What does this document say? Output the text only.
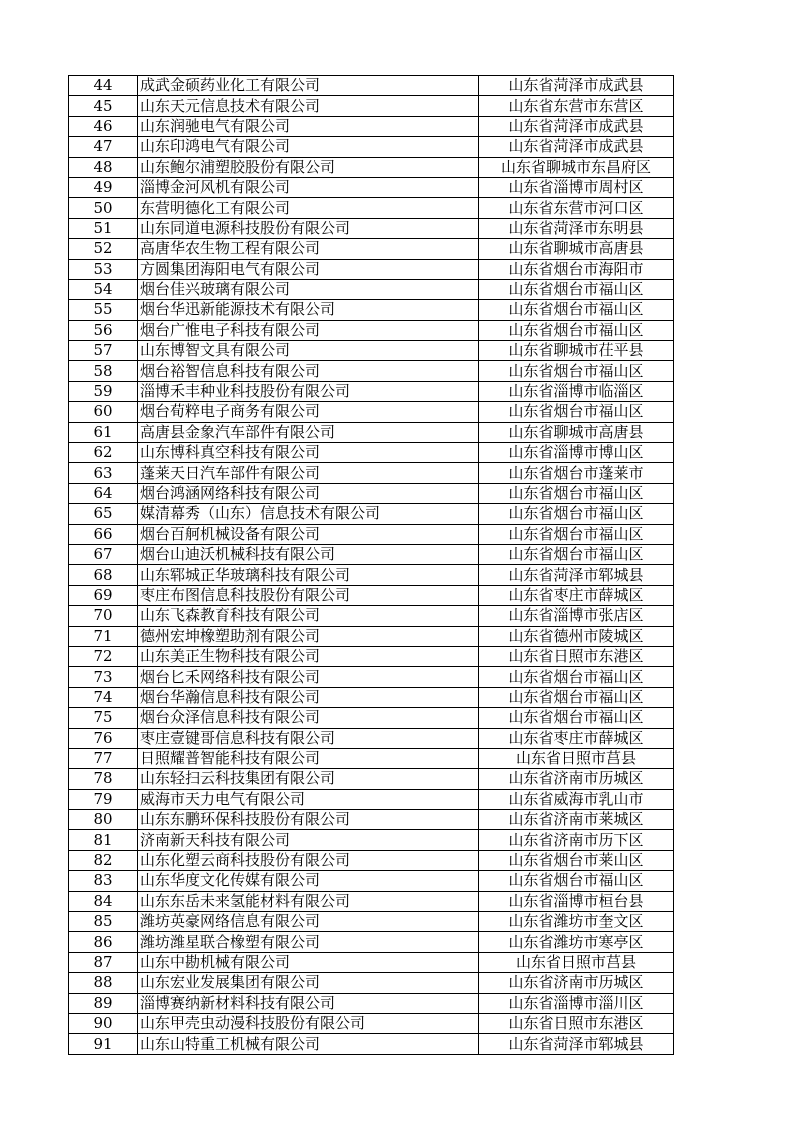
44	成武金硕药业化工有限公司	山东省菏泽市成武县
45	山东天元信息技术有限公司	山东省东营市东营区
46	山东润驰电气有限公司	山东省菏泽市成武县
47	山东印鸿电气有限公司	山东省菏泽市成武县
48	山东鲍尔浦塑胶股份有限公司	山东省聊城市东昌府区
49	淄博金河风机有限公司	山东省淄博市周村区
50	东营明德化工有限公司	山东省东营市河口区
51	山东同道电源科技股份有限公司	山东省菏泽市东明县
52	高唐华农生物工程有限公司	山东省聊城市高唐县
53	方圆集团海阳电气有限公司	山东省烟台市海阳市
54	烟台佳兴玻璃有限公司	山东省烟台市福山区
55	烟台华迅新能源技术有限公司	山东省烟台市福山区
56	烟台广惟电子科技有限公司	山东省烟台市福山区
57	山东博智文具有限公司	山东省聊城市茌平县
58	烟台裕智信息科技有限公司	山东省烟台市福山区
59	淄博禾丰种业科技股份有限公司	山东省淄博市临淄区
60	烟台荀粹电子商务有限公司	山东省烟台市福山区
61	高唐县金象汽车部件有限公司	山东省聊城市高唐县
62	山东博科真空科技有限公司	山东省淄博市博山区
63	蓬莱天日汽车部件有限公司	山东省烟台市蓬莱市
64	烟台鸿涵网络科技有限公司	山东省烟台市福山区
65	媒清幕秀（山东）信息技术有限公司	山东省烟台市福山区
66	烟台百舸机械设备有限公司	山东省烟台市福山区
67	烟台山迪沃机械科技有限公司	山东省烟台市福山区
68	山东郓城正华玻璃科技有限公司	山东省菏泽市郓城县
69	枣庄布图信息科技股份有限公司	山东省枣庄市薛城区
70	山东飞森教育科技有限公司	山东省淄博市张店区
71	德州宏坤橡塑助剂有限公司	山东省德州市陵城区
72	山东美正生物科技有限公司	山东省日照市东港区
73	烟台匕禾网络科技有限公司	山东省烟台市福山区
74	烟台华瀚信息科技有限公司	山东省烟台市福山区
75	烟台众泽信息科技有限公司	山东省烟台市福山区
76	枣庄壹键哥信息科技有限公司	山东省枣庄市薛城区
77	日照耀普智能科技有限公司	山东省日照市莒县
78	山东轻扫云科技集团有限公司	山东省济南市历城区
79	威海市天力电气有限公司	山东省威海市乳山市
80	山东东鹏环保科技股份有限公司	山东省济南市莱城区
81	济南新天科技有限公司	山东省济南市历下区
82	山东化塑云商科技股份有限公司	山东省烟台市莱山区
83	山东华度文化传媒有限公司	山东省烟台市福山区
84	山东东岳未来氢能材料有限公司	山东省淄博市桓台县
85	潍坊英豪网络信息有限公司	山东省潍坊市奎文区
86	潍坊潍星联合橡塑有限公司	山东省潍坊市寒亭区
87	山东中勘机械有限公司	山东省日照市莒县
88	山东宏业发展集团有限公司	山东省济南市历城区
89	淄博赛纳新材料科技有限公司	山东省淄博市淄川区
90	山东甲壳虫动漫科技股份有限公司	山东省日照市东港区
91	山东山特重工机械有限公司	山东省菏泽市郓城县
